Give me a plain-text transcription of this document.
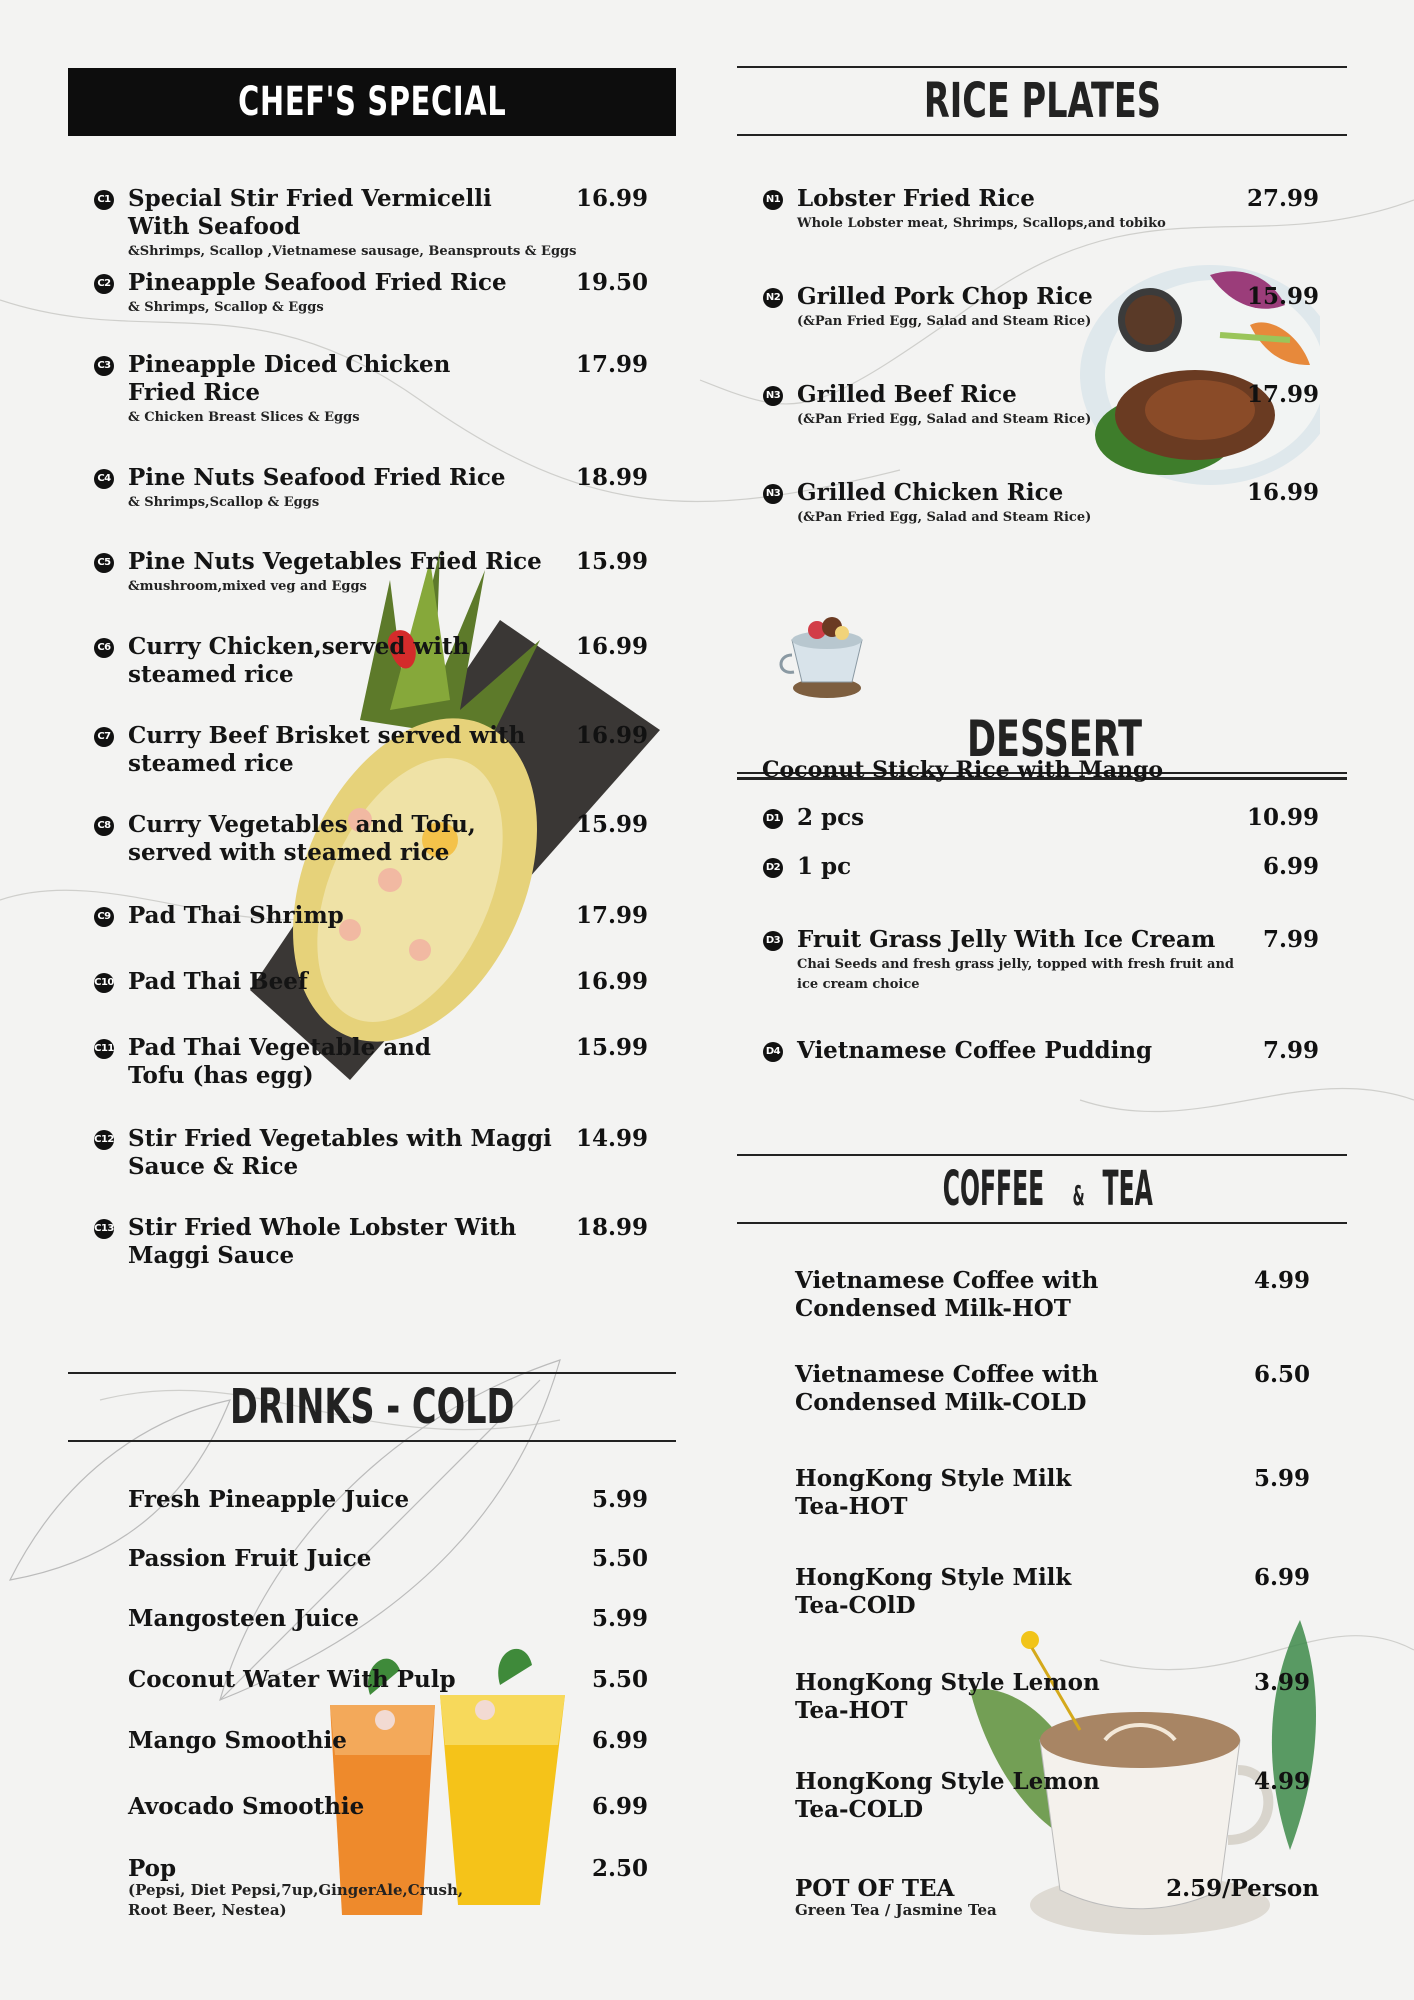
CHEF'S SPECIAL
C1 Special Stir Fried Vermicelli
With Seafood
&Shrimps, Scallop ,Vietnamese sausage, Beansprouts & Eggs
16.99
C2 Pineapple Seafood Fried Rice
& Shrimps, Scallop & Eggs
19.50
C3 Pineapple Diced Chicken
Fried Rice
& Chicken Breast Slices & Eggs
17.99
C4 Pine Nuts Seafood Fried Rice
& Shrimps,Scallop & Eggs
18.99
C5 Pine Nuts Vegetables Fried Rice
&mushroom,mixed veg and Eggs
15.99
C6 Curry Chicken,served with
steamed rice
16.99
C7 Curry Beef Brisket served with
steamed rice
16.99
C8 Curry Vegetables and Tofu,
served with steamed rice
15.99
C9 Pad Thai Shrimp	17.99
C10 Pad Thai Beef	16.99
C11 Pad Thai Vegetable and
Tofu (has egg)
15.99
C12 Stir Fried Vegetables with Maggi
Sauce & Rice
14.99
C13 Stir Fried Whole Lobster With
Maggi Sauce
18.99
DRINKS - COLD
Fresh Pineapple Juice	5.99
Passion Fruit Juice	5.50
Mangosteen Juice	5.99
Coconut Water With Pulp	5.50
Mango Smoothie	6.99
Avocado Smoothie	6.99
Pop
(Pepsi, Diet Pepsi,7up,GingerAle,Crush,
Root Beer, Nestea)
2.50
RICE PLATES
N1 Lobster Fried Rice
Whole Lobster meat, Shrimps, Scallops,and tobiko
27.99
N2 Grilled Pork Chop Rice
(&Pan Fried Egg, Salad and Steam Rice)
15.99
N3 Grilled Beef Rice
(&Pan Fried Egg, Salad and Steam Rice)
17.99
N3 Grilled Chicken Rice
(&Pan Fried Egg, Salad and Steam Rice)
16.99
DESSERT
Coconut Sticky Rice with Mango
D1 2 pcs	10.99
D2 1 pc	6.99
D3 Fruit Grass Jelly With Ice Cream
Chai Seeds and fresh grass jelly, topped with fresh fruit and
ice cream choice
7.99
D4 Vietnamese Coffee Pudding	7.99
COFFEE & TEA
Vietnamese Coffee with
Condensed Milk-HOT
4.99
Vietnamese Coffee with
Condensed Milk-COLD
6.50
HongKong Style Milk
Tea-HOT
5.99
HongKong Style Milk
Tea-COlD
6.99
HongKong Style Lemon
Tea-HOT
3.99
HongKong Style Lemon
Tea-COLD
4.99
POT OF TEA
Green Tea / Jasmine Tea
2.59/Person
